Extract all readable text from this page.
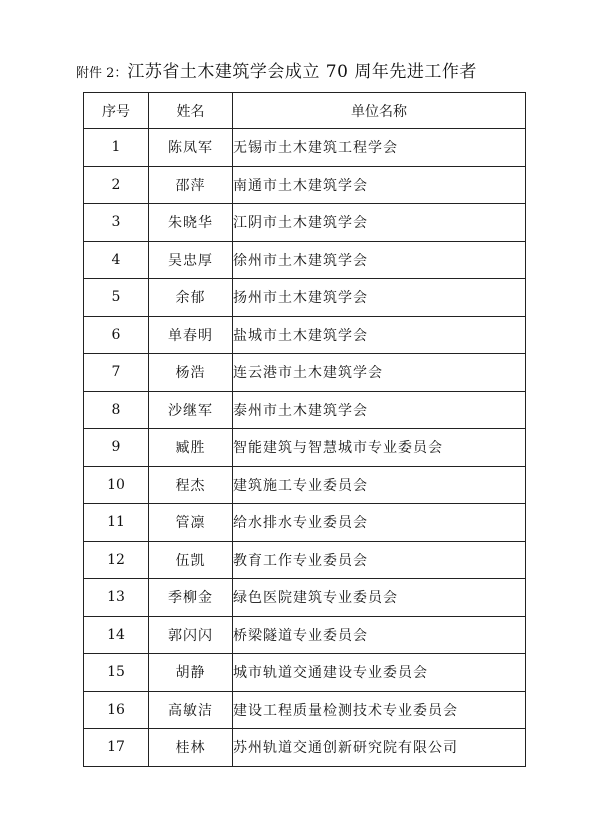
附件 2：江苏省土木建筑学会成立 70 周年先进工作者
序号	姓名	单位名称
1	陈凤军	无锡市土木建筑工程学会
2	邵萍	南通市土木建筑学会
3	朱晓华	江阴市土木建筑学会
4	吴忠厚	徐州市土木建筑学会
5	余郁	扬州市土木建筑学会
6	单春明	盐城市土木建筑学会
7	杨浩	连云港市土木建筑学会
8	沙继军	泰州市土木建筑学会
9	臧胜	智能建筑与智慧城市专业委员会
10	程杰	建筑施工专业委员会
11	管凛	给水排水专业委员会
12	伍凯	教育工作专业委员会
13	季柳金	绿色医院建筑专业委员会
14	郭闪闪	桥梁隧道专业委员会
15	胡静	城市轨道交通建设专业委员会
16	高敏洁	建设工程质量检测技术专业委员会
17	桂林	苏州轨道交通创新研究院有限公司
